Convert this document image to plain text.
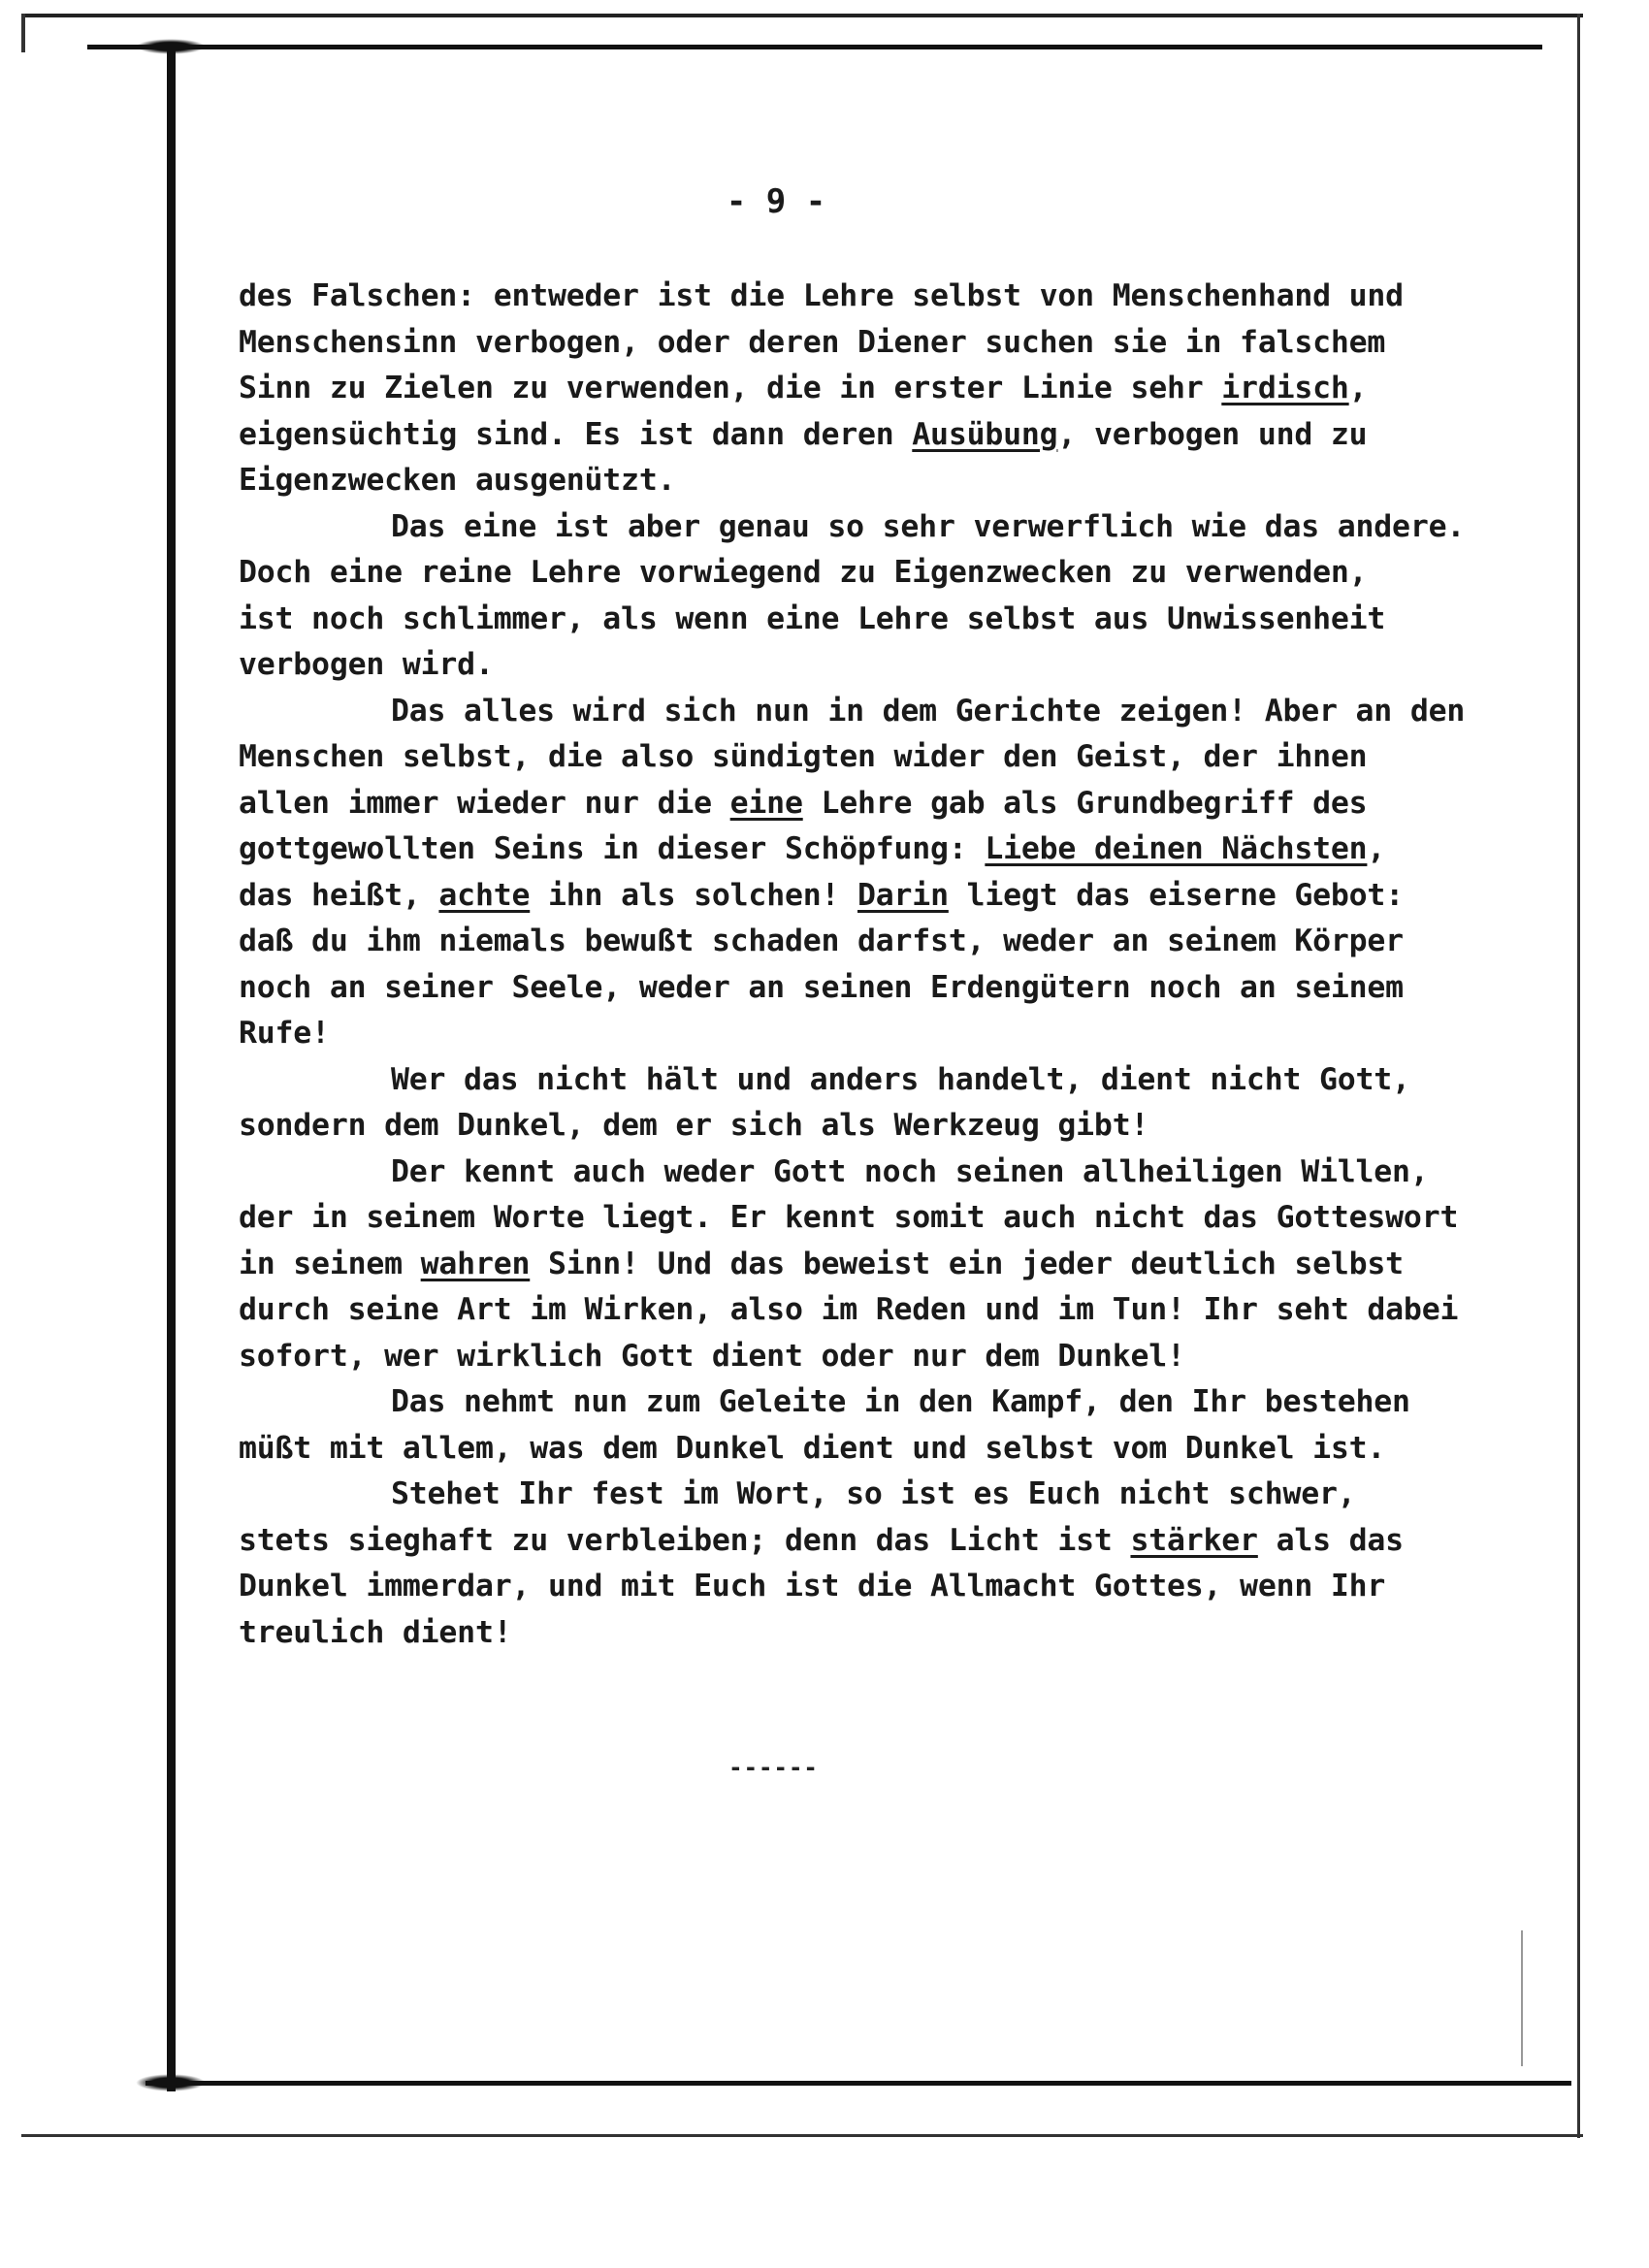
- 9 -
des Falschen: entweder ist die Lehre selbst von Menschenhand und
Menschensinn verbogen, oder deren Diener suchen sie in falschem
Sinn zu Zielen zu verwenden, die in erster Linie sehr irdisch,
eigensüchtig sind. Es ist dann deren Ausübung, verbogen und zu
Eigenzwecken ausgenützt.
Das eine ist aber genau so sehr verwerflich wie das andere.
Doch eine reine Lehre vorwiegend zu Eigenzwecken zu verwenden,
ist noch schlimmer, als wenn eine Lehre selbst aus Unwissenheit
verbogen wird.
Das alles wird sich nun in dem Gerichte zeigen! Aber an den
Menschen selbst, die also sündigten wider den Geist, der ihnen
allen immer wieder nur die eine Lehre gab als Grundbegriff des
gottgewollten Seins in dieser Schöpfung: Liebe deinen Nächsten,
das heißt, achte ihn als solchen! Darin liegt das eiserne Gebot:
daß du ihm niemals bewußt schaden darfst, weder an seinem Körper
noch an seiner Seele, weder an seinen Erdengütern noch an seinem
Rufe!
Wer das nicht hält und anders handelt, dient nicht Gott,
sondern dem Dunkel, dem er sich als Werkzeug gibt!
Der kennt auch weder Gott noch seinen allheiligen Willen,
der in seinem Worte liegt. Er kennt somit auch nicht das Gotteswort
in seinem wahren Sinn! Und das beweist ein jeder deutlich selbst
durch seine Art im Wirken, also im Reden und im Tun! Ihr seht dabei
sofort, wer wirklich Gott dient oder nur dem Dunkel!
Das nehmt nun zum Geleite in den Kampf, den Ihr bestehen
müßt mit allem, was dem Dunkel dient und selbst vom Dunkel ist.
Stehet Ihr fest im Wort, so ist es Euch nicht schwer,
stets sieghaft zu verbleiben; denn das Licht ist stärker als das
Dunkel immerdar, und mit Euch ist die Allmacht Gottes, wenn Ihr
treulich dient!
------
